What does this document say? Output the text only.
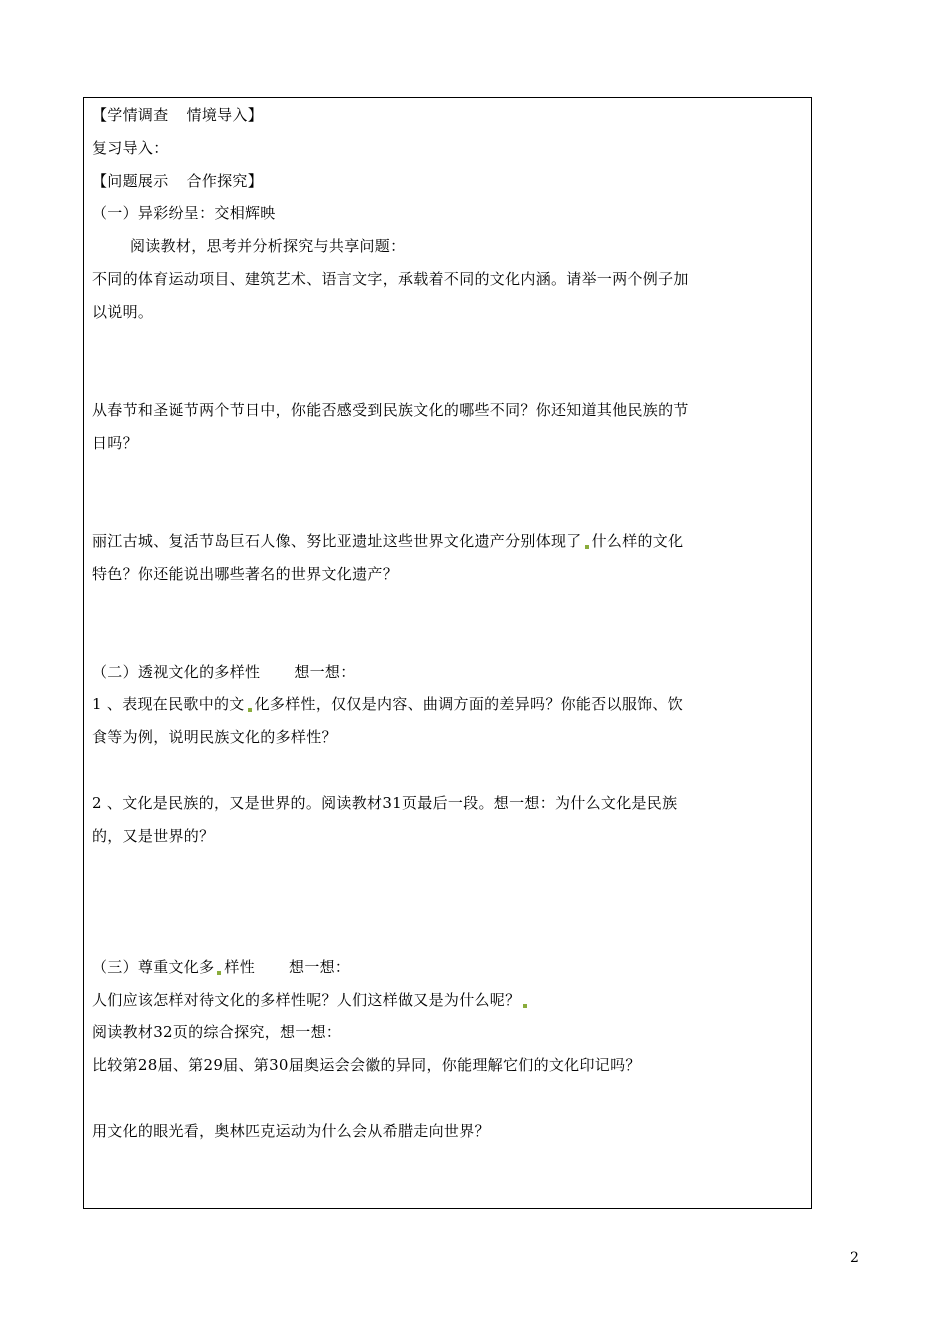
【学情调查 情境导入】
复习导入：
【问题展示 合作探究】
（一）异彩纷呈：交相辉映
阅读教材，思考并分析探究与共享问题：
不同的体育运动项目、建筑艺术、语言文字，承载着不同的文化内涵。请举一两个例子加
以说明。
从春节和圣诞节两个节日中，你能否感受到民族文化的哪些不同？你还知道其他民族的节
日吗？
丽江古城、复活节岛巨石人像、努比亚遗址这些世界文化遗产分别体现了 什么样的文化
特色？你还能说出哪些著名的世界文化遗产？
（二）透视文化的多样性 想一想：
1 、表现在民歌中的文 化多样性，仅仅是内容、曲调方面的差异吗？你能否以服饰、饮
食等为例，说明民族文化的多样性？
2 、文化是民族的，又是世界的。阅读教材31页最后一段。想一想：为什么文化是民族
的，又是世界的？
（三）尊重文化多 样性 想一想：
人们应该怎样对待文化的多样性呢？人们这样做又是为什么呢？
阅读教材32页的综合探究，想一想：
比较第28届、第29届、第30届奥运会会徽的异同，你能理解它们的文化印记吗？
用文化的眼光看，奥林匹克运动为什么会从希腊走向世界？
2
